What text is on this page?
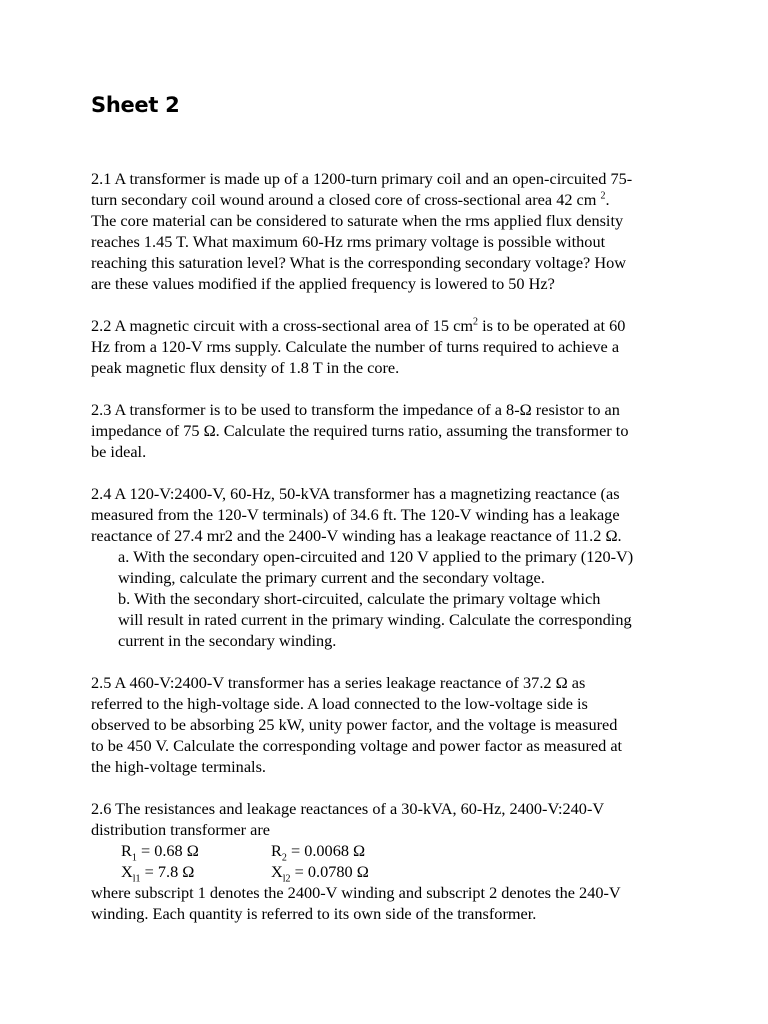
Sheet 2
2.1 A transformer is made up of a 1200-turn primary coil and an open-circuited 75-
turn secondary coil wound around a closed core of cross-sectional area 42 cm $^2$.
The core material can be considered to saturate when the rms applied flux density
reaches 1.45 T. What maximum 60-Hz rms primary voltage is possible without
reaching this saturation level? What is the corresponding secondary voltage? How
are these values modified if the applied frequency is lowered to 50 Hz?
2.2 A magnetic circuit with a cross-sectional area of 15 $cm^2$ is to be operated at 60
Hz from a 120-V rms supply. Calculate the number of turns required to achieve a
peak magnetic flux density of 1.8 T in the core.
2.3 A transformer is to be used to transform the impedance of a 8-Ω resistor to an
impedance of 75 Ω. Calculate the required turns ratio, assuming the transformer to
be ideal.
2.4 A 120-V:2400-V, 60-Hz, 50-kVA transformer has a magnetizing reactance (as
measured from the 120-V terminals) of 34.6 ft. The 120-V winding has a leakage
reactance of 27.4 mr2 and the 2400-V winding has a leakage reactance of 11.2 Ω.
a. With the secondary open-circuited and 120 V applied to the primary (120-V)
winding, calculate the primary current and the secondary voltage.
b. With the secondary short-circuited, calculate the primary voltage which
will result in rated current in the primary winding. Calculate the corresponding
current in the secondary winding.
2.5 A 460-V:2400-V transformer has a series leakage reactance of 37.2 Ω as
referred to the high-voltage side. A load connected to the low-voltage side is
observed to be absorbing 25 kW, unity power factor, and the voltage is measured
to be 450 V. Calculate the corresponding voltage and power factor as measured at
the high-voltage terminals.
2.6 The resistances and leakage reactances of a 30-kVA, 60-Hz, 2400-V:240-V
distribution transformer are
$R_1 = 0.68$ Ω	$R_2 = 0.0068$ Ω
$X_{l1} = 7.8$ Ω	$X_{l2} = 0.0780$ Ω
where subscript 1 denotes the 2400-V winding and subscript 2 denotes the 240-V
winding. Each quantity is referred to its own side of the transformer.
